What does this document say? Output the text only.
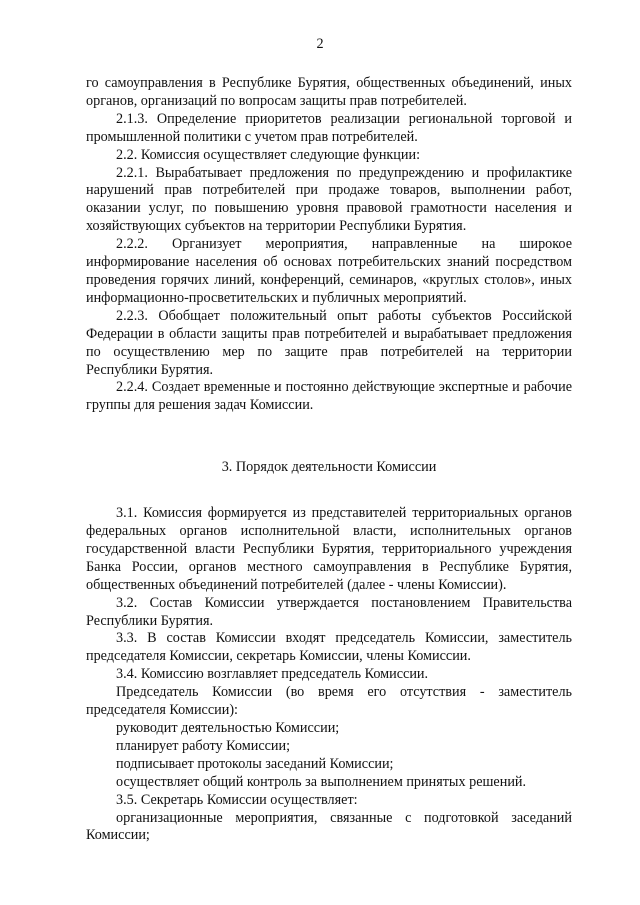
2

го самоуправления в Республике Бурятия, общественных объединений, иных органов, организаций по вопросам защиты прав потребителей.

2.1.3. Определение приоритетов реализации региональной торговой и промышленной политики с учетом прав потребителей.

2.2. Комиссия осуществляет следующие функции:

2.2.1. Вырабатывает предложения по предупреждению и профилактике нарушений прав потребителей при продаже товаров, выполнении работ, оказании услуг, по повышению уровня правовой грамотности населения и хозяйствующих субъектов на территории Республики Бурятия.

2.2.2. Организует мероприятия, направленные на широкое информирование населения об основах потребительских знаний посредством проведения горячих линий, конференций, семинаров, «круглых столов», иных информационно-просветительских и публичных мероприятий.

2.2.3. Обобщает положительный опыт работы субъектов Российской Федерации в области защиты прав потребителей и вырабатывает предложения по осуществлению мер по защите прав потребителей на территории Республики Бурятия.

2.2.4. Создает временные и постоянно действующие экспертные и рабочие группы для решения задач Комиссии.

3. Порядок деятельности Комиссии

3.1. Комиссия формируется из представителей территориальных органов федеральных органов исполнительной власти, исполнительных органов государственной власти Республики Бурятия, территориального учреждения Банка России, органов местного самоуправления в Республике Бурятия, общественных объединений потребителей (далее - члены Комиссии).

3.2. Состав Комиссии утверждается постановлением Правительства Республики Бурятия.

3.3. В состав Комиссии входят председатель Комиссии, заместитель председателя Комиссии, секретарь Комиссии, члены Комиссии.

3.4. Комиссию возглавляет председатель Комиссии.

Председатель Комиссии (во время его отсутствия - заместитель председателя Комиссии):

руководит деятельностью Комиссии;

планирует работу Комиссии;

подписывает протоколы заседаний Комиссии;

осуществляет общий контроль за выполнением принятых решений.

3.5. Секретарь Комиссии осуществляет:

организационные мероприятия, связанные с подготовкой заседаний Комиссии;
